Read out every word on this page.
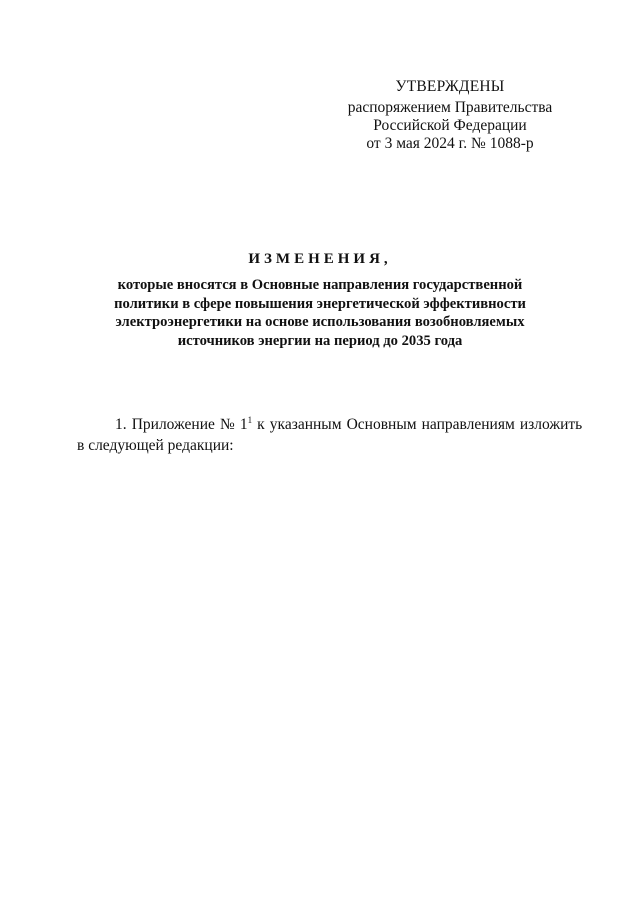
УТВЕРЖДЕНЫ
распоряжением Правительства
Российской Федерации
от 3 мая 2024 г. № 1088-р
ИЗМЕНЕНИЯ,
которые вносятся в Основные направления государственной
политики в сфере повышения энергетической эффективности
электроэнергетики на основе использования возобновляемых
источников энергии на период до 2035 года
1. Приложение № $1^1$ к указанным Основным направлениям изложить
в следующей редакции:
